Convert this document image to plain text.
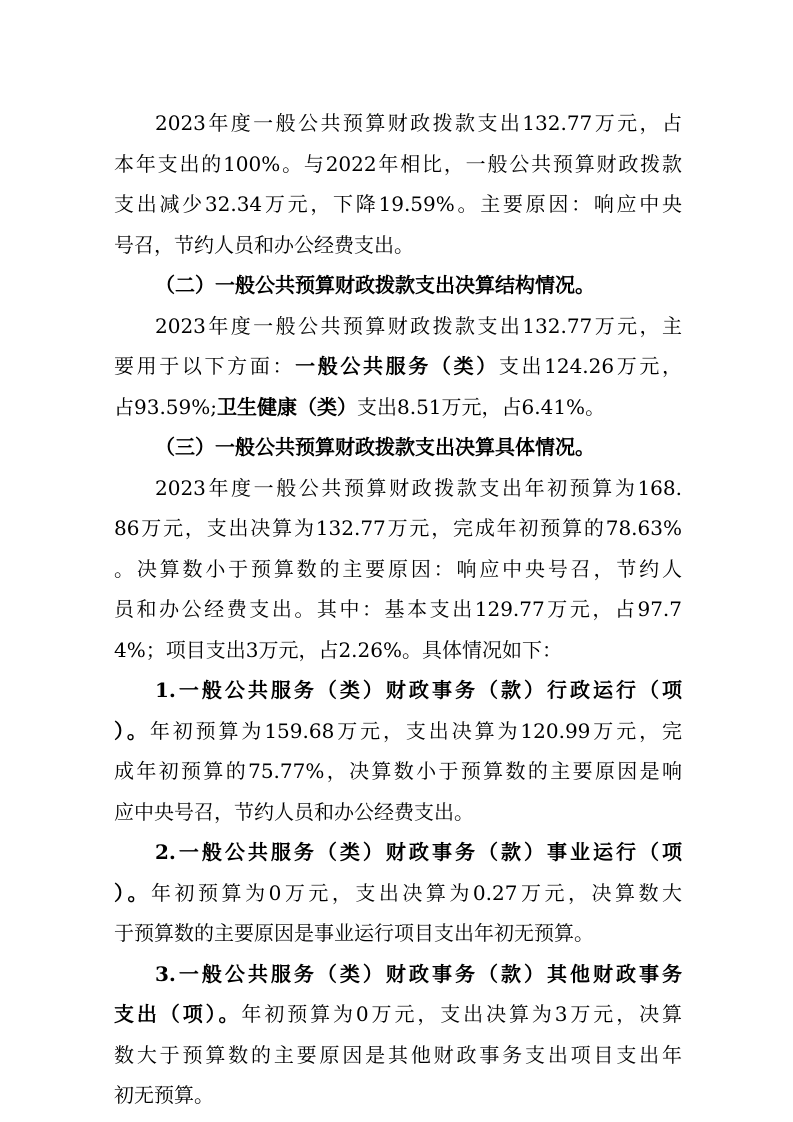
2023年度一般公共预算财政拨款支出132.77万元，占
本年支出的100%。与2022年相比，一般公共预算财政拨款
支出减少32.34万元，下降19.59%。主要原因：响应中央
号召，节约人员和办公经费支出。
（二）一般公共预算财政拨款支出决算结构情况。
2023年度一般公共预算财政拨款支出132.77万元，主
要用于以下方面：一般公共服务（类）支出124.26万元，
占93.59%;卫生健康（类）支出8.51万元，占6.41%。
（三）一般公共预算财政拨款支出决算具体情况。
2023年度一般公共预算财政拨款支出年初预算为168.
86万元，支出决算为132.77万元，完成年初预算的78.63%
。决算数小于预算数的主要原因：响应中央号召，节约人
员和办公经费支出。其中：基本支出129.77万元，占97.7
4%；项目支出3万元，占2.26%。具体情况如下：
1.一般公共服务（类）财政事务（款）行政运行（项
）。年初预算为159.68万元，支出决算为120.99万元，完
成年初预算的75.77%，决算数小于预算数的主要原因是响
应中央号召，节约人员和办公经费支出。
2.一般公共服务（类）财政事务（款）事业运行（项
）。年初预算为0万元，支出决算为0.27万元，决算数大
于预算数的主要原因是事业运行项目支出年初无预算。
3.一般公共服务（类）财政事务（款）其他财政事务
支出（项）。年初预算为0万元，支出决算为3万元，决算
数大于预算数的主要原因是其他财政事务支出项目支出年
初无预算。
